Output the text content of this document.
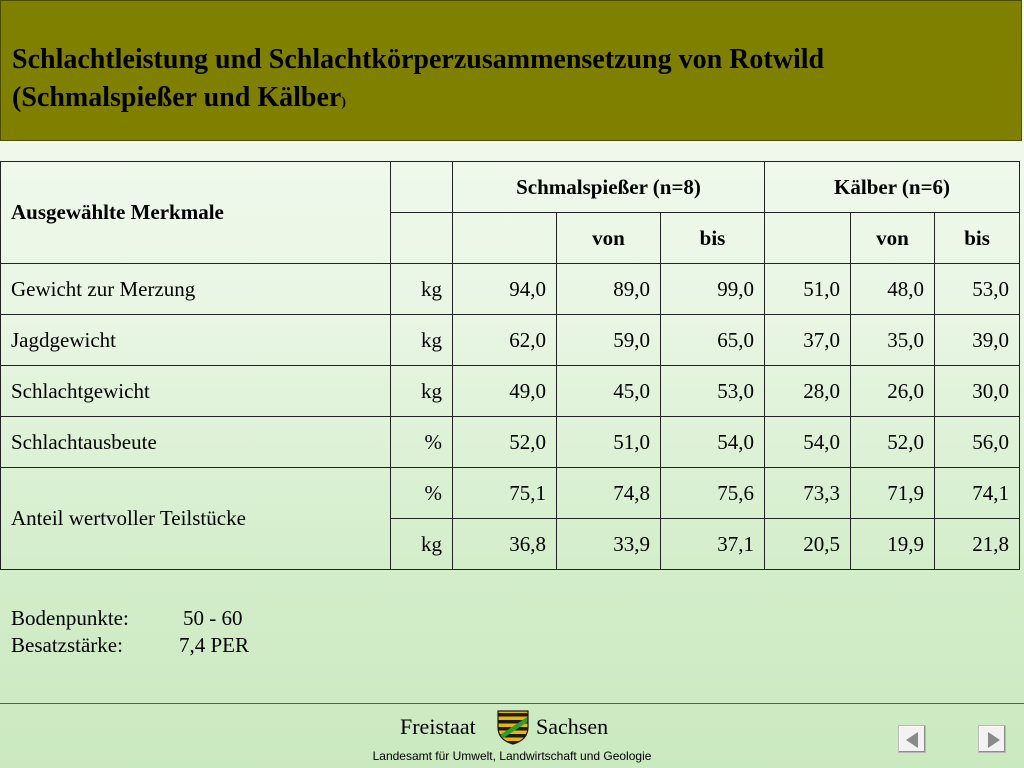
Schlachtleistung und Schlachtkörperzusammensetzung von Rotwild
(Schmalspießer und Kälber)
Ausgewählte Merkmale		Schmalspießer (n=8)			Kälber (n=6)		
			von	bis		von	bis
Gewicht zur Merzung	kg	94,0	89,0	99,0	51,0	48,0	53,0
Jagdgewicht	kg	62,0	59,0	65,0	37,0	35,0	39,0
Schlachtgewicht	kg	49,0	45,0	53,0	28,0	26,0	30,0
Schlachtausbeute	%	52,0	51,0	54,0	54,0	52,0	56,0
Anteil wertvoller Teilstücke	%	75,1	74,8	75,6	73,3	71,9	74,1
	kg	36,8	33,9	37,1	20,5	19,9	21,8
Bodenpunkte:	50 - 60
Besatzstärke:	7,4 PER
Freistaat	Sachsen
Landesamt für Umwelt, Landwirtschaft und Geologie
